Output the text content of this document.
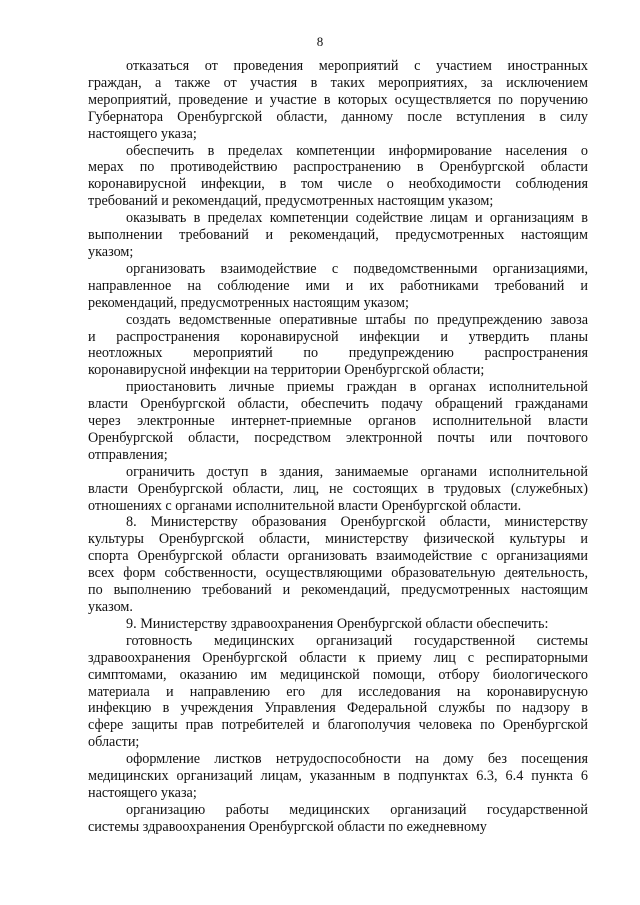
8
отказаться от проведения мероприятий с участием иностранных
граждан, а также от участия в таких мероприятиях, за исключением
мероприятий, проведение и участие в которых осуществляется по поручению
Губернатора Оренбургской области, данному после вступления в силу
настоящего указа;
обеспечить в пределах компетенции информирование населения о
мерах по противодействию распространению в Оренбургской области
коронавирусной инфекции, в том числе о необходимости соблюдения
требований и рекомендаций, предусмотренных настоящим указом;
оказывать в пределах компетенции содействие лицам и организациям в
выполнении требований и рекомендаций, предусмотренных настоящим
указом;
организовать взаимодействие с подведомственными организациями,
направленное на соблюдение ими и их работниками требований и
рекомендаций, предусмотренных настоящим указом;
создать ведомственные оперативные штабы по предупреждению завоза
и распространения коронавирусной инфекции и утвердить планы
неотложных мероприятий по предупреждению распространения
коронавирусной инфекции на территории Оренбургской области;
приостановить личные приемы граждан в органах исполнительной
власти Оренбургской области, обеспечить подачу обращений гражданами
через электронные интернет-приемные органов исполнительной власти
Оренбургской области, посредством электронной почты или почтового
отправления;
ограничить доступ в здания, занимаемые органами исполнительной
власти Оренбургской области, лиц, не состоящих в трудовых (служебных)
отношениях с органами исполнительной власти Оренбургской области.
8. Министерству образования Оренбургской области, министерству
культуры Оренбургской области, министерству физической культуры и
спорта Оренбургской области организовать взаимодействие с организациями
всех форм собственности, осуществляющими образовательную деятельность,
по выполнению требований и рекомендаций, предусмотренных настоящим
указом.
9. Министерству здравоохранения Оренбургской области обеспечить:
готовность медицинских организаций государственной системы
здравоохранения Оренбургской области к приему лиц с респираторными
симптомами, оказанию им медицинской помощи, отбору биологического
материала и направлению его для исследования на коронавирусную
инфекцию в учреждения Управления Федеральной службы по надзору в
сфере защиты прав потребителей и благополучия человека по Оренбургской
области;
оформление листков нетрудоспособности на дому без посещения
медицинских организаций лицам, указанным в подпунктах 6.3, 6.4 пункта 6
настоящего указа;
организацию работы медицинских организаций государственной
системы здравоохранения Оренбургской области по ежедневному
